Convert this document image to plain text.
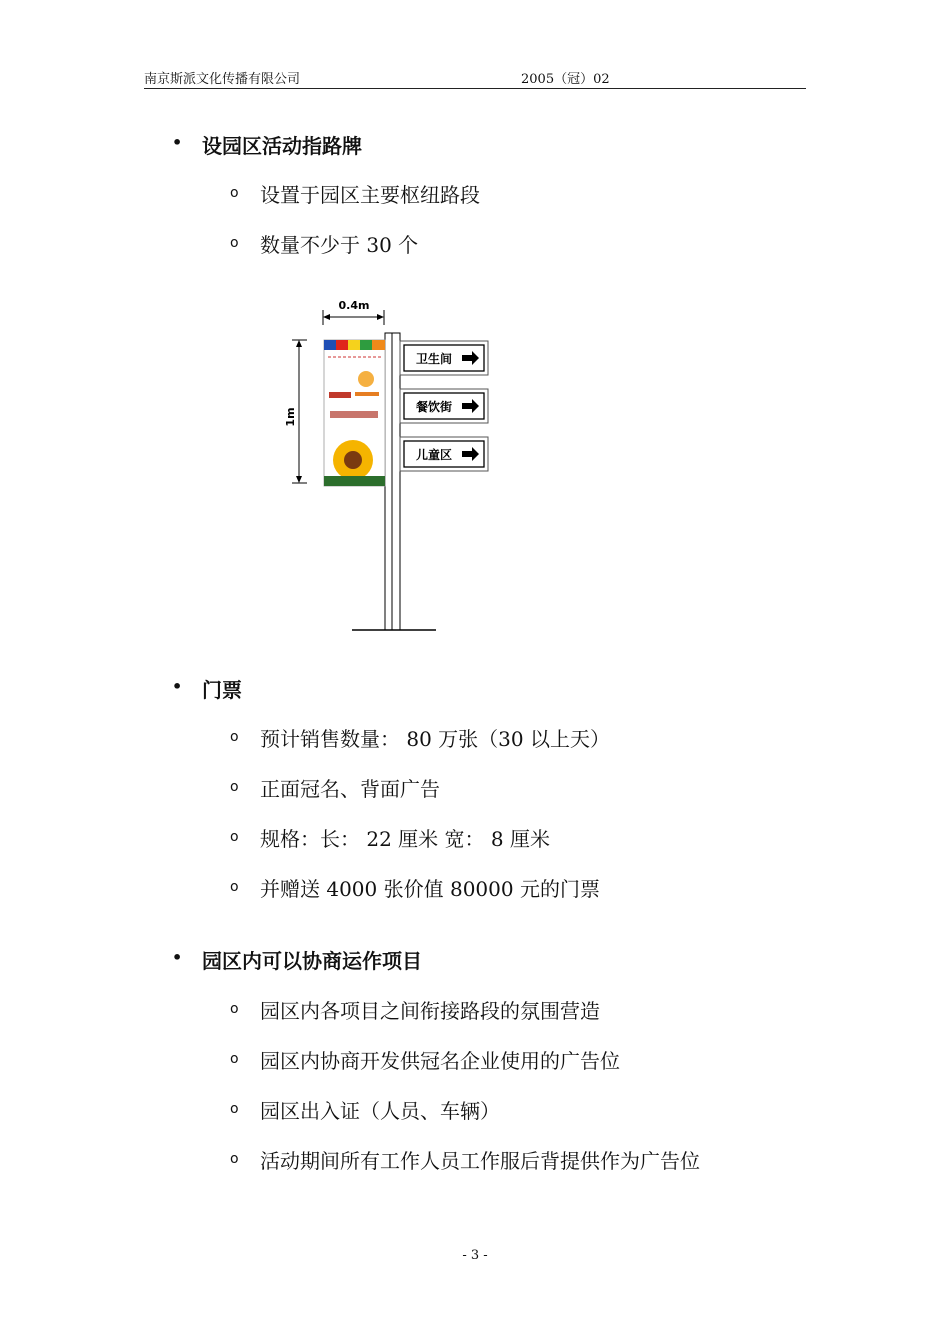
南京斯派文化传播有限公司	2005（冠）02
• 设园区活动指路牌
o 设置于园区主要枢纽路段
o 数量不少于 30 个
0.4m
1m
卫生间
餐饮街
儿童区
• 门票
o 预计销售数量： 80 万张（30 以上天）
o 正面冠名、背面广告
o 规格：长： 22 厘米 宽： 8 厘米
o 并赠送 4000 张价值 80000 元的门票
• 园区内可以协商运作项目
o 园区内各项目之间衔接路段的氛围营造
o 园区内协商开发供冠名企业使用的广告位
o 园区出入证（人员、车辆）
o 活动期间所有工作人员工作服后背提供作为广告位
- 3 -
